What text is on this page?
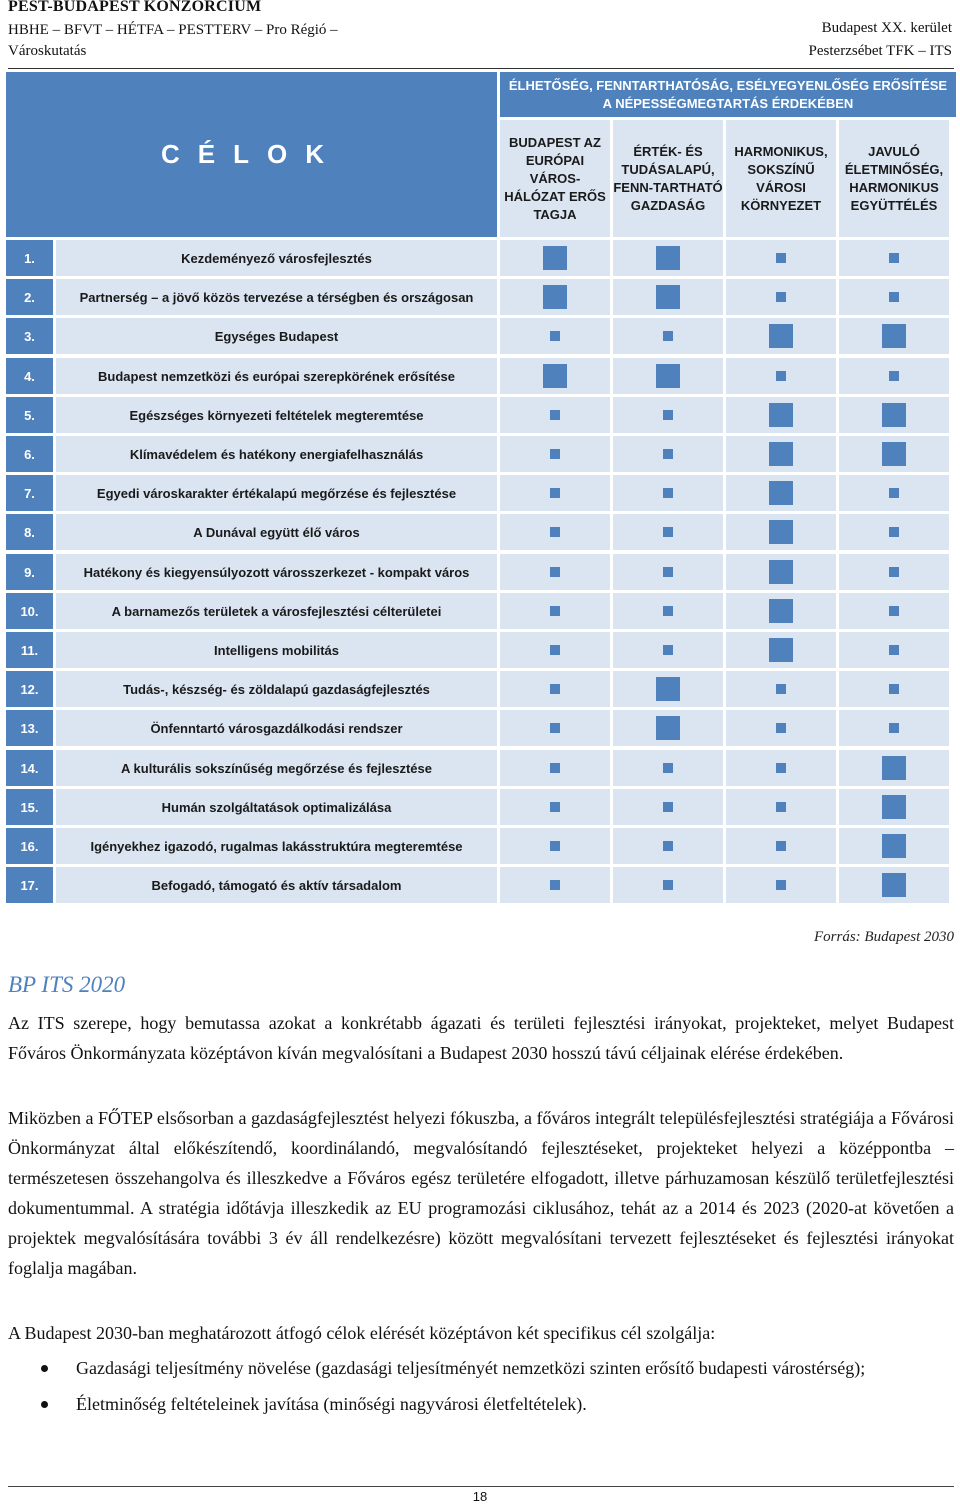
PEST-BUDAPEST KONZORCIUM
HBHE – BFVT – HÉTFA – PESTTERV – Pro Régió –
Városkutatás
Budapest XX. kerület
Pesterzsébet TFK – ITS
CÉLOK
ÉLHETŐSÉG, FENNTARTHATÓSÁG, ESÉLYEGYENLŐSÉG ERŐSÍTÉSE
A NÉPESSÉGMEGTARTÁS ÉRDEKÉBEN
BUDAPEST AZ EURÓPAI VÁROS-HÁLÓZAT ERŐS TAGJA
ÉRTÉK- ÉS TUDÁSALAPÚ, FENN-TARTHATÓ GAZDASÁG
HARMONIKUS, SOKSZÍNŰ VÁROSI KÖRNYEZET
JAVULÓ ÉLETMINŐSÉG, HARMONIKUS EGYÜTTÉLÉS
1.	Kezdeményező városfejlesztés
2.	Partnerség – a jövő közös tervezése a térségben és országosan
3.	Egységes Budapest
4.	Budapest nemzetközi és európai szerepkörének erősítése
5.	Egészséges környezeti feltételek megteremtése
6.	Klímavédelem és hatékony energiafelhasználás
7.	Egyedi városkarakter értékalapú megőrzése és fejlesztése
8.	A Dunával együtt élő város
9.	Hatékony és kiegyensúlyozott városszerkezet - kompakt város
10.	A barnamezős területek a városfejlesztési célterületei
11.	Intelligens mobilitás
12.	Tudás-, készség- és zöldalapú gazdaságfejlesztés
13.	Önfenntartó városgazdálkodási rendszer
14.	A kulturális sokszínűség megőrzése és fejlesztése
15.	Humán szolgáltatások optimalizálása
16.	Igényekhez igazodó, rugalmas lakásstruktúra megteremtése
17.	Befogadó, támogató és aktív társadalom
Forrás: Budapest 2030
BP ITS 2020
Az ITS szerepe, hogy bemutassa azokat a konkrétabb ágazati és területi fejlesztési irányokat, projekteket, melyet Budapest Főváros Önkormányzata középtávon kíván megvalósítani a Budapest 2030 hosszú távú céljainak elérése érdekében.
Miközben a FŐTEP elsősorban a gazdaságfejlesztést helyezi fókuszba, a főváros integrált településfejlesztési stratégiája a Fővárosi Önkormányzat által előkészítendő, koordinálandó, megvalósítandó fejlesztéseket, projekteket helyezi a középpontba – természetesen összehangolva és illeszkedve a Főváros egész területére elfogadott, illetve párhuzamosan készülő területfejlesztési dokumentummal. A stratégia időtávja illeszkedik az EU programozási ciklusához, tehát az a 2014 és 2023 (2020-at követően a projektek megvalósítására további 3 év áll rendelkezésre) között megvalósítani tervezett fejlesztéseket és fejlesztési irányokat foglalja magában.
A Budapest 2030-ban meghatározott átfogó célok elérését középtávon két specifikus cél szolgálja:
Gazdasági teljesítmény növelése (gazdasági teljesítményét nemzetközi szinten erősítő budapesti várostérség);
Életminőség feltételeinek javítása (minőségi nagyvárosi életfeltételek).
18
